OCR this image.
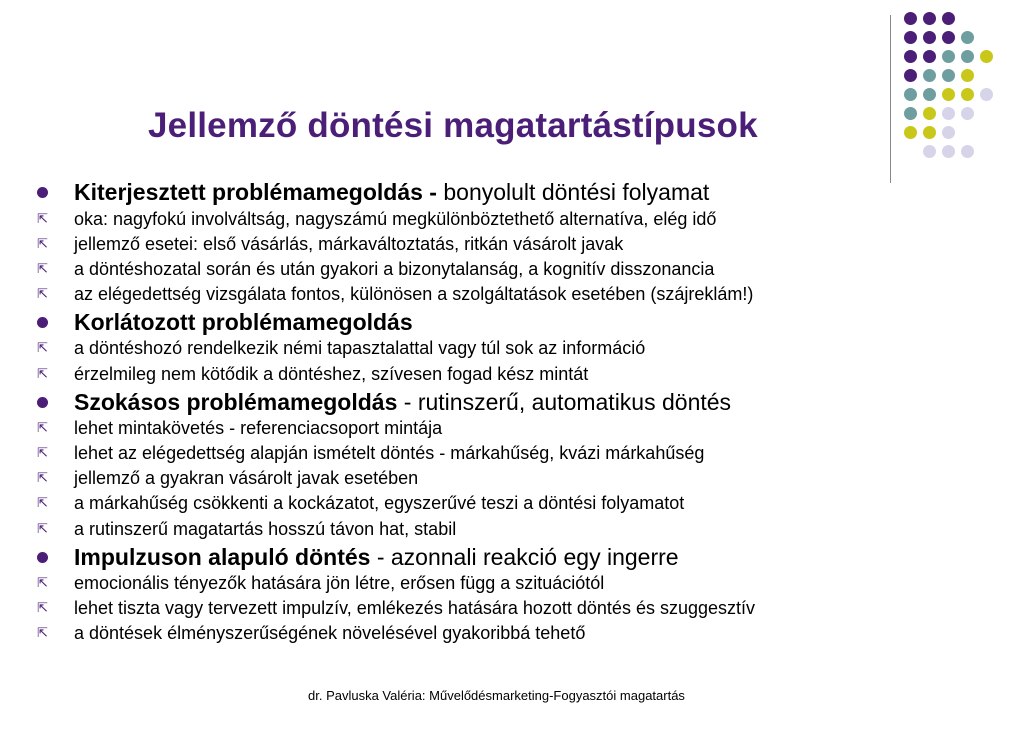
Jellemző döntési magatartástípusok
Kiterjesztett problémamegoldás - bonyolult döntési folyamat
⇱ oka: nagyfokú involváltság, nagyszámú megkülönböztethető alternatíva, elég idő
⇱ jellemző esetei: első vásárlás, márkaváltoztatás, ritkán vásárolt javak
⇱ a döntéshozatal során és után gyakori a bizonytalanság, a kognitív disszonancia
⇱ az elégedettség vizsgálata fontos, különösen a szolgáltatások esetében (szájreklám!)
Korlátozott problémamegoldás
⇱ a döntéshozó rendelkezik némi tapasztalattal vagy túl sok az információ
⇱ érzelmileg nem kötődik a döntéshez, szívesen fogad kész mintát
Szokásos problémamegoldás - rutinszerű, automatikus döntés
⇱ lehet mintakövetés - referenciacsoport mintája
⇱ lehet az elégedettség alapján ismételt döntés - márkahűség, kvázi márkahűség
⇱ jellemző a gyakran vásárolt javak esetében
⇱ a márkahűség csökkenti a kockázatot, egyszerűvé teszi a döntési folyamatot
⇱ a rutinszerű magatartás hosszú távon hat, stabil
Impulzuson alapuló döntés - azonnali reakció egy ingerre
⇱ emocionális tényezők hatására jön létre, erősen függ a szituációtól
⇱ lehet tiszta vagy tervezett impulzív, emlékezés hatására hozott döntés és szuggesztív
⇱ a döntések élményszerűségének növelésével gyakoribbá tehető
dr. Pavluska Valéria: Művelődésmarketing-Fogyasztói magatartás
